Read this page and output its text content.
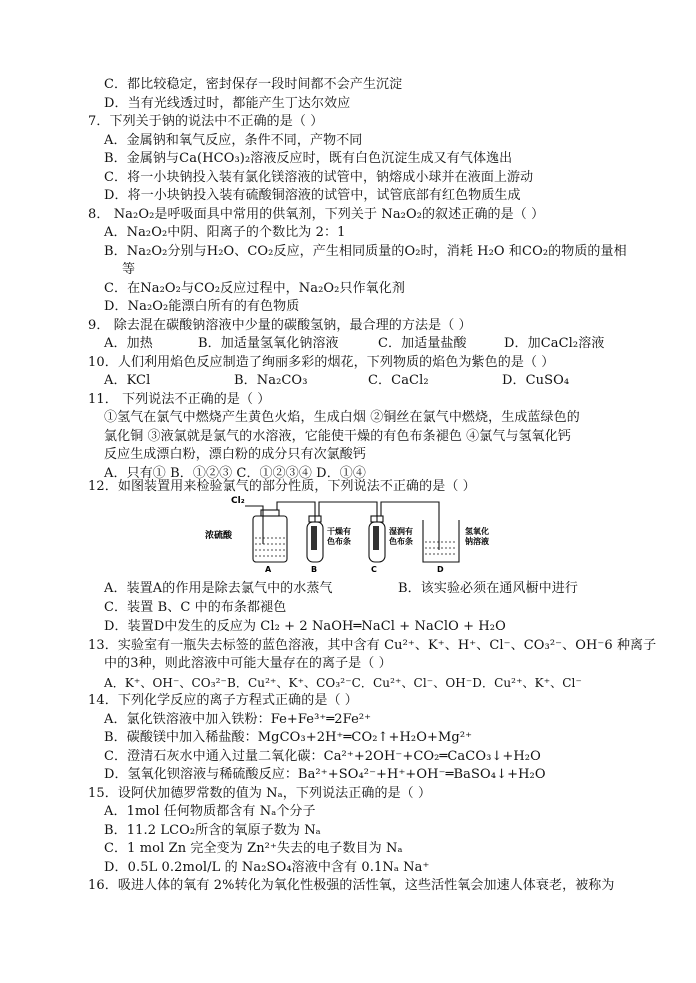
C．都比较稳定，密封保存一段时间都不会产生沉淀
D．当有光线透过时，都能产生丁达尔效应
7．下列关于钠的说法中不正确的是（ ）
A．金属钠和氧气反应，条件不同，产物不同
B．金属钠与Ca(HCO₃)₂溶液反应时，既有白色沉淀生成又有气体逸出
C．将一小块钠投入装有氯化镁溶液的试管中，钠熔成小球并在液面上游动
D．将一小块钠投入装有硫酸铜溶液的试管中，试管底部有红色物质生成
8． Na₂O₂是呼吸面具中常用的供氧剂，下列关于 Na₂O₂的叙述正确的是（ ）
A．Na₂O₂中阴、阳离子的个数比为 2：1
B．Na₂O₂分别与H₂O、CO₂反应，产生相同质量的O₂时，消耗 H₂O 和CO₂的物质的量相
等
C．在Na₂O₂与CO₂反应过程中，Na₂O₂只作氧化剂
D．Na₂O₂能漂白所有的有色物质
9． 除去混在碳酸钠溶液中少量的碳酸氢钠，最合理的方法是（ ）
A．加热	B．加适量氢氧化钠溶液	C．加适量盐酸	D．加CaCl₂溶液
10．人们利用焰色反应制造了绚丽多彩的烟花，下列物质的焰色为紫色的是（ ）
A．KCl	B．Na₂CO₃	C．CaCl₂	D．CuSO₄
11． 下列说法不正确的是（ ）
①氢气在氯气中燃烧产生黄色火焰，生成白烟 ②铜丝在氯气中燃烧，生成蓝绿色的
氯化铜 ③液氯就是氯气的水溶液，它能使干燥的有色布条褪色 ④氯气与氢氧化钙
反应生成漂白粉，漂白粉的成分只有次氯酸钙
A．只有① B．①②③ C．①②③④ D．①④
12．如图装置用来检验氯气的部分性质，下列说法不正确的是（ ）
Cl₂
浓硫酸	干燥有
色布条
湿润有
色布条
氢氧化
钠溶液
A	B	C	D
A．装置A的作用是除去氯气中的水蒸气	B．该实验必须在通风橱中进行
C．装置 B、C 中的布条都褪色
D．装置D中发生的反应为 Cl₂ + 2 NaOH═NaCl + NaClO + H₂O
13．实验室有一瓶失去标签的蓝色溶液，其中含有 Cu²⁺、K⁺、H⁺、Cl⁻、CO₃²⁻、OH⁻6 种离子
中的3种，则此溶液中可能大量存在的离子是（ ）
A．K⁺、OH⁻、CO₃²⁻B．Cu²⁺、K⁺、CO₃²⁻C．Cu²⁺、Cl⁻、OH⁻D．Cu²⁺、K⁺、Cl⁻
14．下列化学反应的离子方程式正确的是（ ）
A．氯化铁溶液中加入铁粉：Fe+Fe³⁺═2Fe²⁺
B．碳酸镁中加入稀盐酸：MgCO₃+2H⁺═CO₂↑+H₂O+Mg²⁺
C．澄清石灰水中通入过量二氧化碳：Ca²⁺+2OH⁻+CO₂═CaCO₃↓+H₂O
D．氢氧化钡溶液与稀硫酸反应：Ba²⁺+SO₄²⁻+H⁺+OH⁻═BaSO₄↓+H₂O
15．设阿伏加德罗常数的值为 Nₐ，下列说法正确的是（ ）
A．1mol 任何物质都含有 Nₐ个分子
B．11.2 LCO₂所含的氧原子数为 Nₐ
C．1 mol Zn 完全变为 Zn²⁺失去的电子数目为 Nₐ
D．0.5L 0.2mol/L 的 Na₂SO₄溶液中含有 0.1Nₐ Na⁺
16．吸进人体的氧有 2%转化为氧化性极强的活性氧，这些活性氧会加速人体衰老，被称为
